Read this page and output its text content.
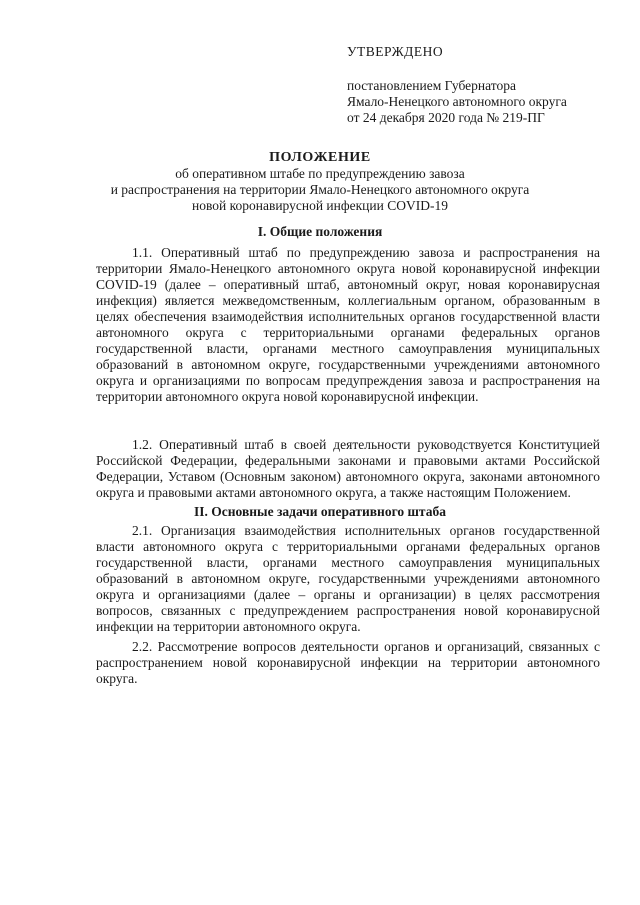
УТВЕРЖДЕНО
постановлением Губернатора
Ямало-Ненецкого автономного округа
от 24 декабря 2020 года № 219-ПГ
ПОЛОЖЕНИЕ
об оперативном штабе по предупреждению завоза
и распространения на территории Ямало-Ненецкого автономного округа
новой коронавирусной инфекции COVID-19
I. Общие положения
1.1. Оперативный штаб по предупреждению завоза и распространения на территории Ямало-Ненецкого автономного округа новой коронавирусной инфекции COVID-19 (далее – оперативный штаб, автономный округ, новая коронавирусная инфекция) является межведомственным, коллегиальным органом, образованным в целях обеспечения взаимодействия исполнительных органов государственной власти автономного округа с территориальными органами федеральных органов государственной власти, органами местного самоуправления муниципальных образований в автономном округе, государственными учреждениями автономного округа и организациями по вопросам предупреждения завоза и распространения на территории автономного округа новой коронавирусной инфекции.
1.2. Оперативный штаб в своей деятельности руководствуется Конституцией Российской Федерации, федеральными законами и правовыми актами Российской Федерации, Уставом (Основным законом) автономного округа, законами автономного округа и правовыми актами автономного округа, а также настоящим Положением.
II. Основные задачи оперативного штаба
2.1. Организация взаимодействия исполнительных органов государственной власти автономного округа с территориальными органами федеральных органов государственной власти, органами местного самоуправления муниципальных образований в автономном округе, государственными учреждениями автономного округа и организациями (далее – органы и организации) в целях рассмотрения вопросов, связанных с предупреждением распространения новой коронавирусной инфекции на территории автономного округа.
2.2. Рассмотрение вопросов деятельности органов и организаций, связанных с распространением новой коронавирусной инфекции на территории автономного округа.
